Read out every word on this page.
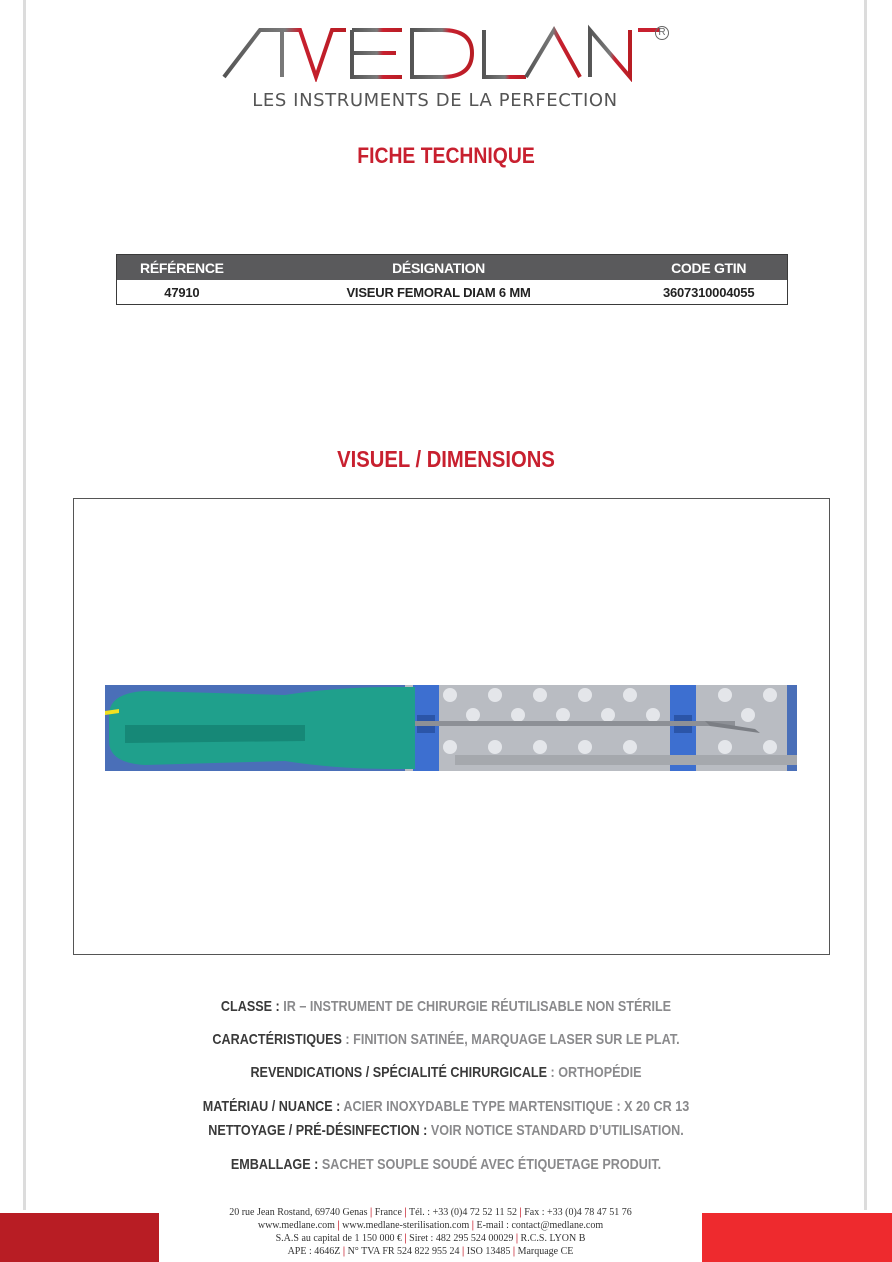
R
LES INSTRUMENTS DE LA PERFECTION
FICHE TECHNIQUE
RÉFÉRENCE	DÉSIGNATION	CODE GTIN
47910	VISEUR FEMORAL DIAM 6 MM	3607310004055
VISUEL / DIMENSIONS
CLASSE : IR – INSTRUMENT DE CHIRURGIE RÉUTILISABLE NON STÉRILE
CARACTÉRISTIQUES : FINITION SATINÉE, MARQUAGE LASER SUR LE PLAT.
REVENDICATIONS / SPÉCIALITÉ CHIRURGICALE : ORTHOPÉDIE
MATÉRIAU / NUANCE : ACIER INOXYDABLE TYPE MARTENSITIQUE : X 20 CR 13
NETTOYAGE / PRÉ-DÉSINFECTION : VOIR NOTICE STANDARD D’UTILISATION.
EMBALLAGE : SACHET SOUPLE SOUDÉ AVEC ÉTIQUETAGE PRODUIT.
20 rue Jean Rostand, 69740 Genas | France | Tél. : +33 (0)4 72 52 11 52 | Fax : +33 (0)4 78 47 51 76
www.medlane.com | www.medlane-sterilisation.com | E-mail : contact@medlane.com
S.A.S au capital de 1 150 000 € | Siret : 482 295 524 00029 | R.C.S. LYON B
APE : 4646Z | N° TVA FR 524 822 955 24 | ISO 13485 | Marquage CE
